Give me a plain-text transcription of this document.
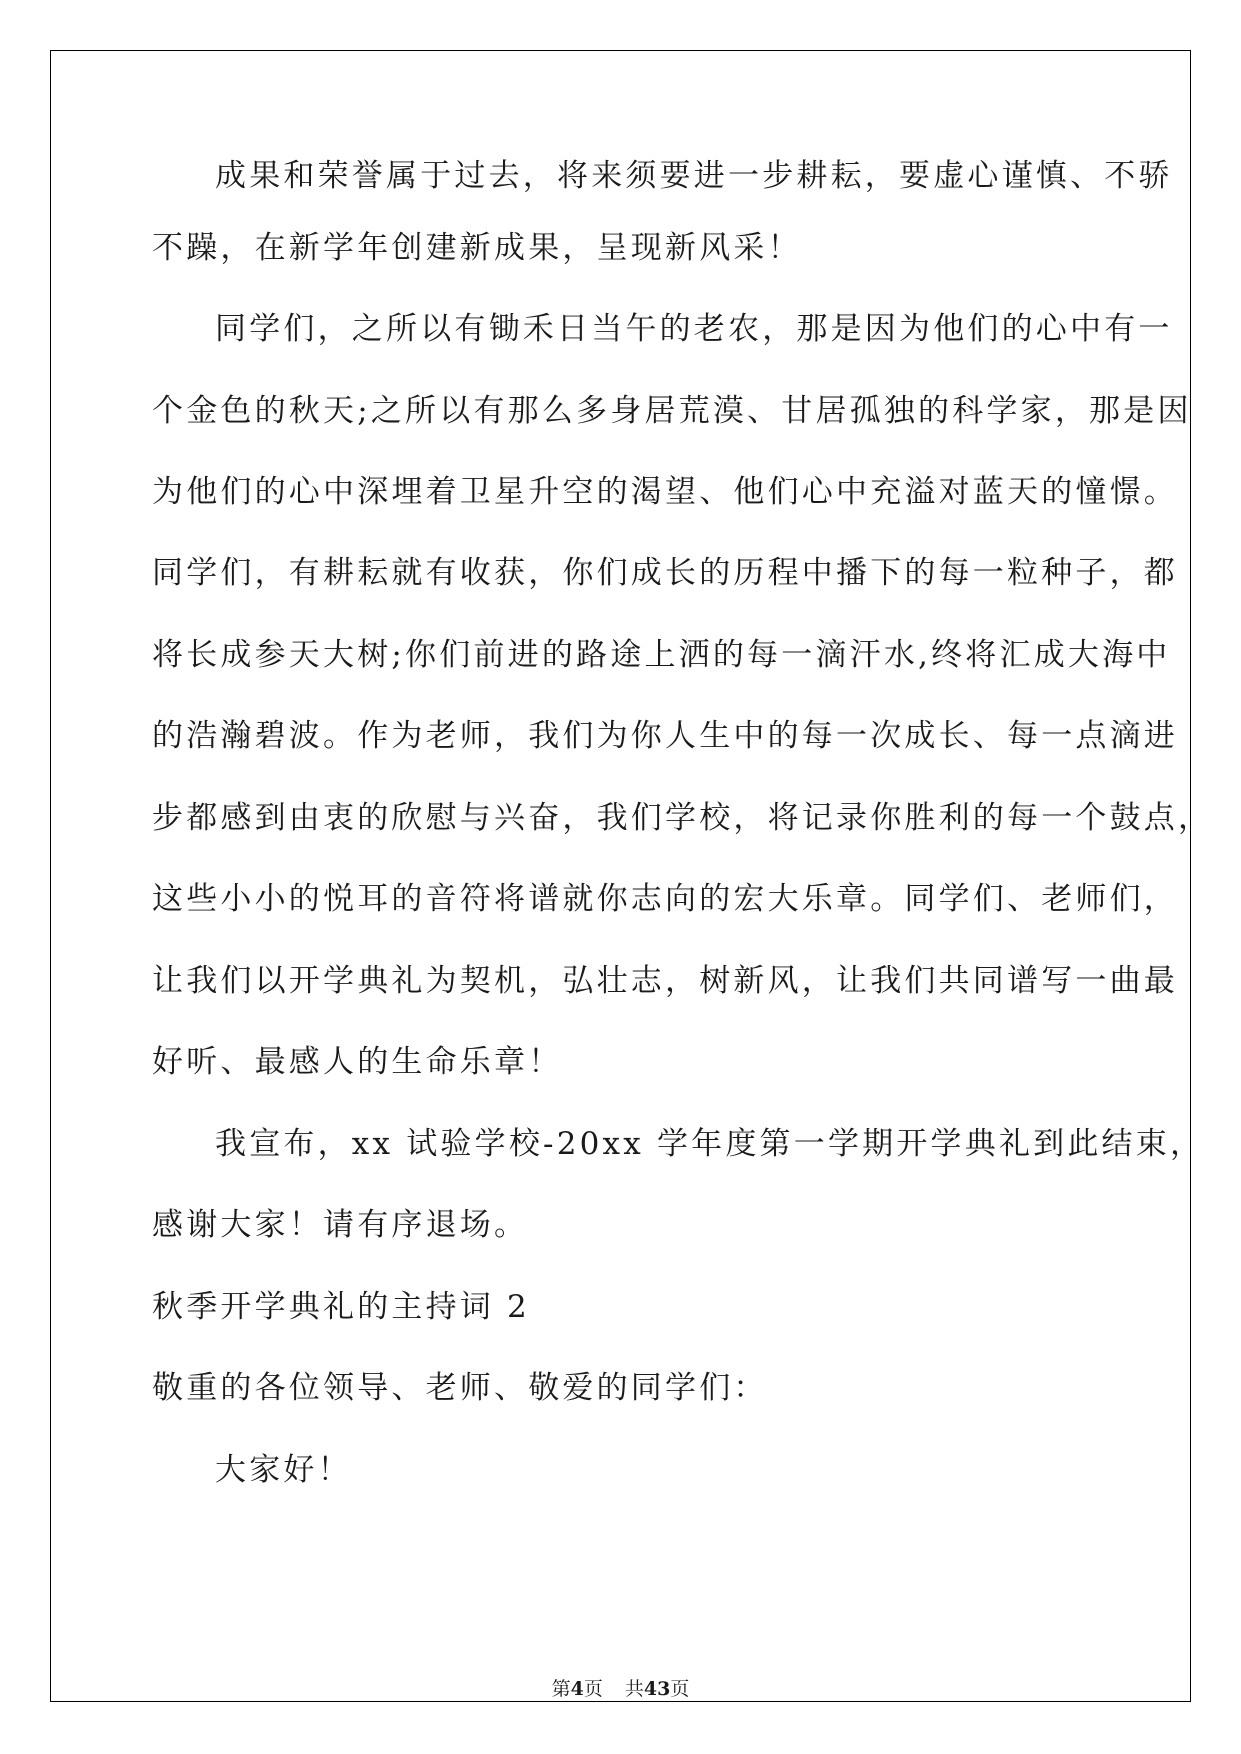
成果和荣誉属于过去，将来须要进一步耕耘，要虚心谨慎、不骄
不躁，在新学年创建新成果，呈现新风采！
同学们，之所以有锄禾日当午的老农，那是因为他们的心中有一
个金色的秋天;之所以有那么多身居荒漠、甘居孤独的科学家，那是因
为他们的心中深埋着卫星升空的渴望、他们心中充溢对蓝天的憧憬。
同学们，有耕耘就有收获，你们成长的历程中播下的每一粒种子，都
将长成参天大树;你们前进的路途上洒的每一滴汗水,终将汇成大海中
的浩瀚碧波。作为老师，我们为你人生中的每一次成长、每一点滴进
步都感到由衷的欣慰与兴奋，我们学校，将记录你胜利的每一个鼓点，
这些小小的悦耳的音符将谱就你志向的宏大乐章。同学们、老师们，
让我们以开学典礼为契机，弘壮志，树新风，让我们共同谱写一曲最
好听、最感人的生命乐章！
我宣布，xx 试验学校-20xx 学年度第一学期开学典礼到此结束，
感谢大家！请有序退场。
秋季开学典礼的主持词 2
敬重的各位领导、老师、敬爱的同学们：
大家好！
第4页 共43页
